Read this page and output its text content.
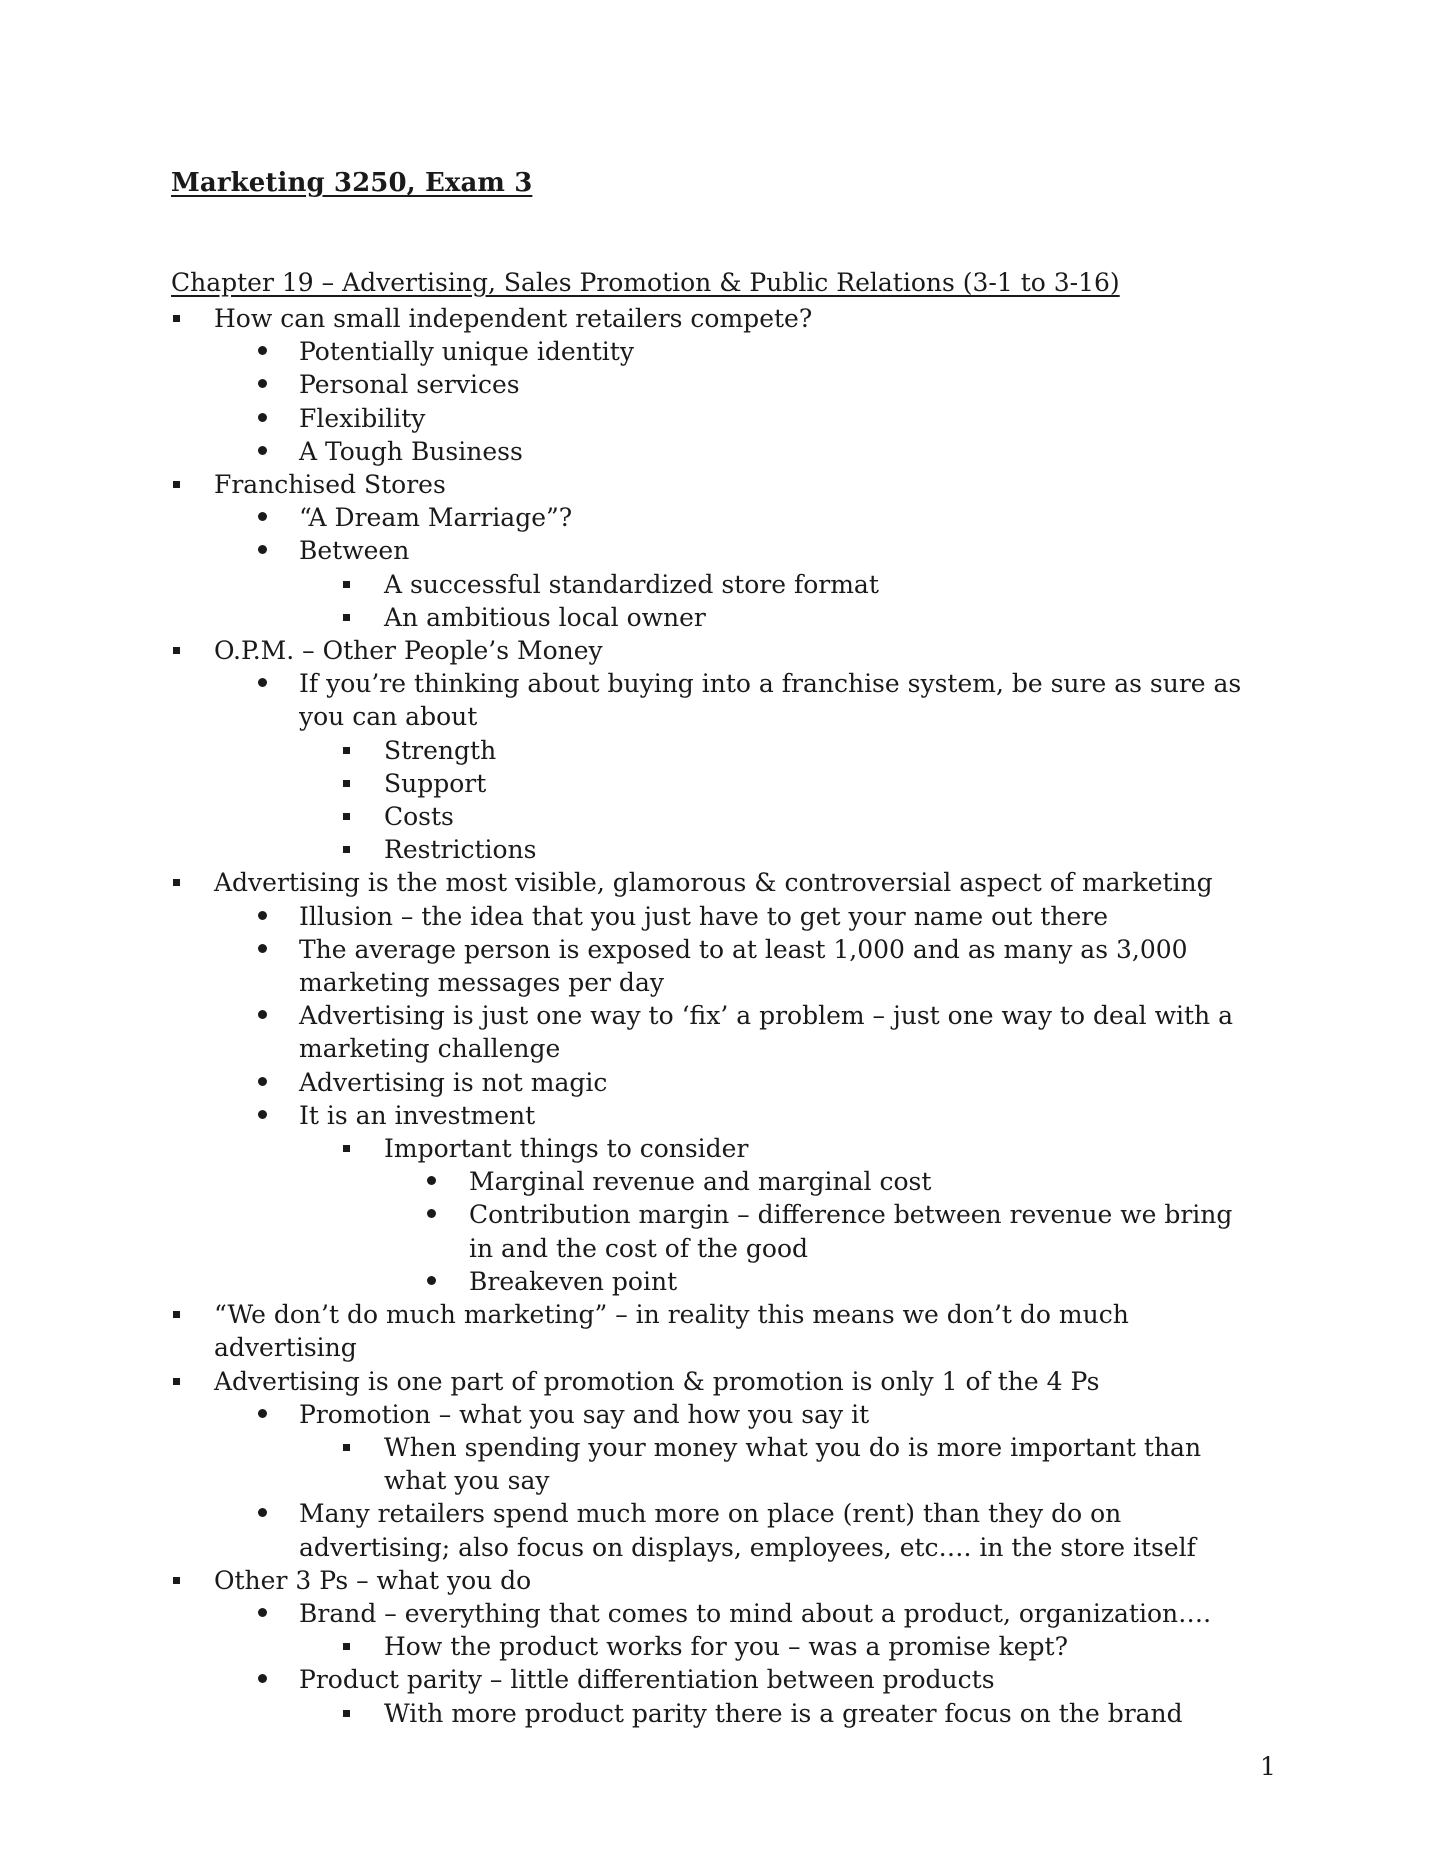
Marketing 3250, Exam 3
Chapter 19 – Advertising, Sales Promotion & Public Relations (3-1 to 3-16)
How can small independent retailers compete?
Potentially unique identity
Personal services
Flexibility
A Tough Business
Franchised Stores
“A Dream Marriage”?
Between
A successful standardized store format
An ambitious local owner
O.P.M. – Other People’s Money
If you’re thinking about buying into a franchise system, be sure as sure as you can about
Strength
Support
Costs
Restrictions
Advertising is the most visible, glamorous & controversial aspect of marketing
Illusion – the idea that you just have to get your name out there
The average person is exposed to at least 1,000 and as many as 3,000 marketing messages per day
Advertising is just one way to ‘fix’ a problem – just one way to deal with a marketing challenge
Advertising is not magic
It is an investment
Important things to consider
Marginal revenue and marginal cost
Contribution margin – difference between revenue we bring in and the cost of the good
Breakeven point
“We don’t do much marketing” – in reality this means we don’t do much advertising
Advertising is one part of promotion & promotion is only 1 of the 4 Ps
Promotion – what you say and how you say it
When spending your money what you do is more important than what you say
Many retailers spend much more on place (rent) than they do on advertising; also focus on displays, employees, etc…. in the store itself
Other 3 Ps – what you do
Brand – everything that comes to mind about a product, organization….
How the product works for you – was a promise kept?
Product parity – little differentiation between products
With more product parity there is a greater focus on the brand
1
